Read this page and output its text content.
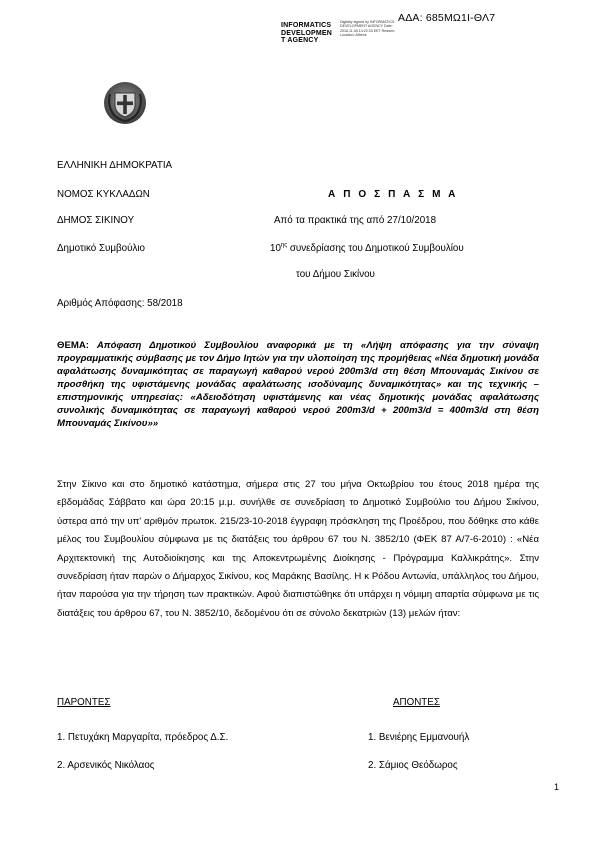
ΑΔΑ: 685ΜΩ1Ι-ΘΛ7
INFORMATICS
DEVELOPMEN
T AGENCY
Digitally signed by INFORMATICS DEVELOPMENT AGENCY Date: 2018.11.08 14:22:33 EET Reason: Location: Athens
ΕΛΛΗΝΙΚΗ ΔΗΜΟΚΡΑΤΙΑ
ΝΟΜΟΣ ΚΥΚΛΑΔΩΝ
ΔΗΜΟΣ ΣΙΚΙΝΟΥ
Δημοτικό Συμβούλιο
Αριθμός Απόφασης: 58/2018
Α Π Ο Σ Π Α Σ Μ Α
Από τα πρακτικά της από 27/10/2018
$10^{\eta\varsigma}$ συνεδρίασης του Δημοτικού Συμβουλίου
του Δήμου Σικίνου
ΘΕΜΑ: Απόφαση Δημοτικού Συμβουλίου αναφορικά με τη «Λήψη απόφασης για την σύναψη προγραμματικής σύμβασης με τον Δήμο Ιητών για την υλοποίηση της προμήθειας «Νέα δημοτική μονάδα αφαλάτωσης δυναμικότητας σε παραγωγή καθαρού νερού 200m3/d στη θέση Μπουναμάς Σικίνου σε προσθήκη της υφιστάμενης μονάδας αφαλάτωσης ισοδύναμης δυναμικότητας» και της τεχνικής – επιστημονικής υπηρεσίας: «Αδειοδότηση υφιστάμενης και νέας δημοτικής μονάδας αφαλάτωσης συνολικής δυναμικότητας σε παραγωγή καθαρού νερού 200m3/d + 200m3/d = 400m3/d στη θέση Μπουναμάς Σικίνου»»
Στην Σίκινο και στο δημοτικό κατάστημα, σήμερα στις 27 του μήνα Οκτωβρίου του έτους 2018 ημέρα της εβδομάδας Σάββατο και ώρα 20:15 μ.μ. συνήλθε σε συνεδρίαση το Δημοτικό Συμβούλιο του Δήμου Σικίνου, ύστερα από την υπ' αριθμόν πρωτοκ. 215/23-10-2018 έγγραφη πρόσκληση της Προέδρου, που δόθηκε στο κάθε μέλος του Συμβουλίου σύμφωνα με τις διατάξεις του άρθρου 67 του Ν. 3852/10 (ΦΕΚ 87 Α/7-6-2010) : «Νέα Αρχιτεκτονική της Αυτοδιοίκησης και της Αποκεντρωμένης Διοίκησης - Πρόγραμμα Καλλικράτης». Στην συνεδρίαση ήταν παρών ο Δήμαρχος Σικίνου, κος Μαράκης Βασίλης. Η κ Ρόδου Αντωνία, υπάλληλος του Δήμου, ήταν παρούσα για την τήρηση των πρακτικών. Αφού διαπιστώθηκε ότι υπάρχει η νόμιμη απαρτία σύμφωνα με τις διατάξεις του άρθρου 67, του Ν. 3852/10, δεδομένου ότι σε σύνολο δεκατριών (13) μελών ήταν:
ΠΑΡΟΝΤΕΣ	ΑΠΟΝΤΕΣ
1. Πετυχάκη Μαργαρίτα, πρόεδρος Δ.Σ.
2. Αρσενικός Νικόλαος
1. Βενιέρης Εμμανουήλ
2. Σάμιος Θεόδωρος
1
